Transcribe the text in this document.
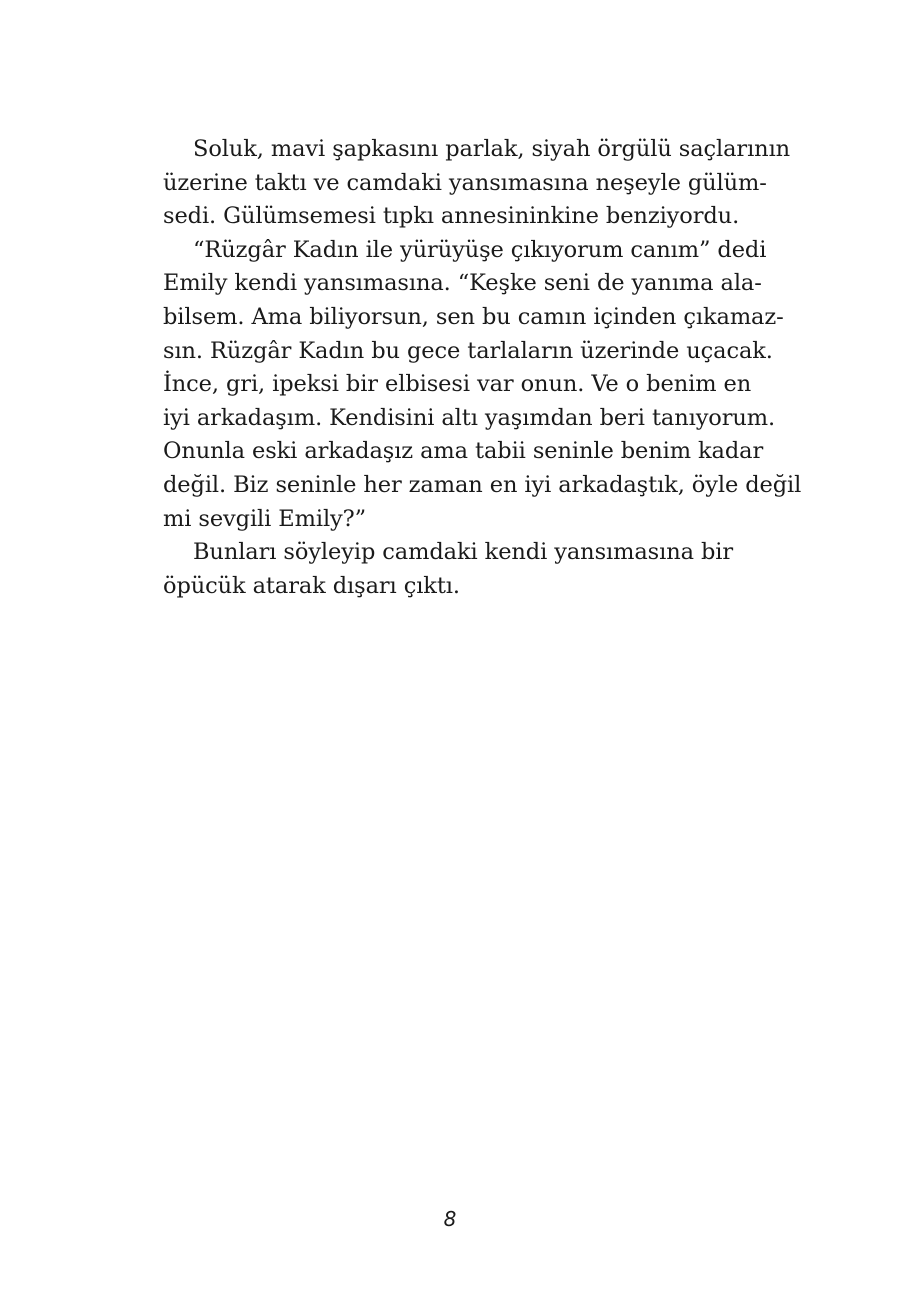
Soluk, mavi şapkasını parlak, siyah örgülü saçlarının
üzerine taktı ve camdaki yansımasına neşeyle gülüm-
sedi. Gülümsemesi tıpkı annesininkine benziyordu.

“Rüzgâr Kadın ile yürüyüşe çıkıyorum canım” dedi
Emily kendi yansımasına. “Keşke seni de yanıma ala-
bilsem. Ama biliyorsun, sen bu camın içinden çıkamaz-
sın. Rüzgâr Kadın bu gece tarlaların üzerinde uçacak.
İnce, gri, ipeksi bir elbisesi var onun. Ve o benim en
iyi arkadaşım. Kendisini altı yaşımdan beri tanıyorum.
Onunla eski arkadaşız ama tabii seninle benim kadar
değil. Biz seninle her zaman en iyi arkadaştık, öyle değil
mi sevgili Emily?”

Bunları söyleyip camdaki kendi yansımasına bir
öpücük atarak dışarı çıktı.

8
